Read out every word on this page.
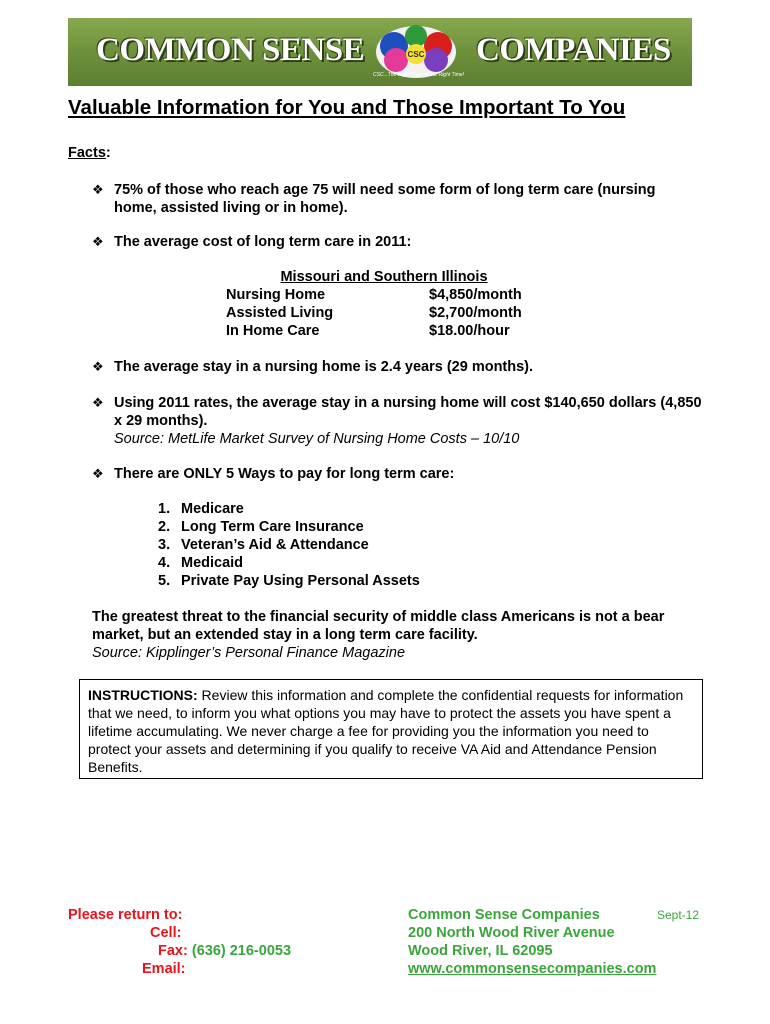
COMMON SENSE	CSC
CSC...The Right Place at the Right Time!
COMPANIES
Valuable Information for You and Those Important To You
Facts:
❖ 75% of those who reach age 75 will need some form of long term care (nursing home, assisted living or in home).
❖ The average cost of long term care in 2011:
Missouri and Southern Illinois
Nursing Home	$4,850/month
Assisted Living	$2,700/month
In Home Care	$18.00/hour
❖ The average stay in a nursing home is 2.4 years (29 months).
❖ Using 2011 rates, the average stay in a nursing home will cost $140,650 dollars (4,850 x 29 months).
Source: MetLife Market Survey of Nursing Home Costs – 10/10
❖ There are ONLY 5 Ways to pay for long term care:
1. Medicare
2. Long Term Care Insurance
3. Veteran’s Aid & Attendance
4. Medicaid
5. Private Pay Using Personal Assets
The greatest threat to the financial security of middle class Americans is not a bear market, but an extended stay in a long term care facility.
Source: Kipplinger’s Personal Finance Magazine
INSTRUCTIONS: Review this information and complete the confidential requests for information that we need, to inform you what options you may have to protect the assets you have spent a lifetime accumulating. We never charge a fee for providing you the information you need to protect your assets and determining if you qualify to receive VA Aid and Attendance Pension Benefits.
Please return to:
Cell:
Fax: (636) 216-0053
Email:
Common Sense Companies
200 North Wood River Avenue
Wood River, IL 62095
www.commonsensecompanies.com
Sept-12
